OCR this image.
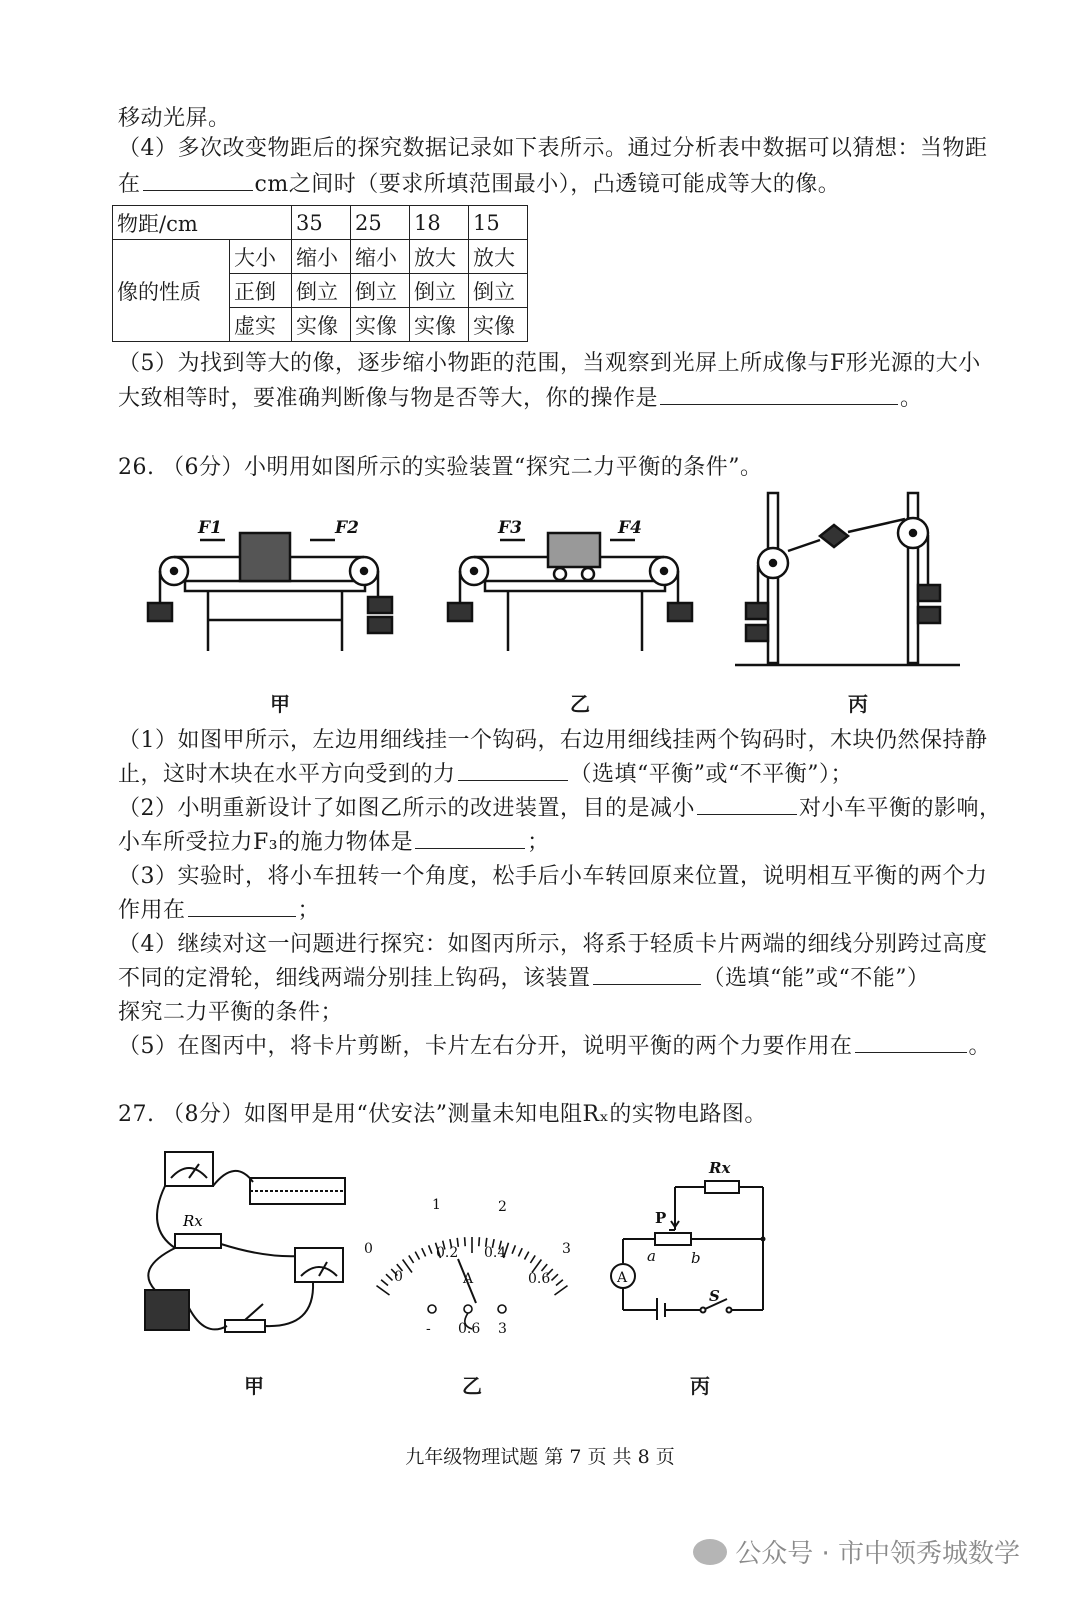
移动光屏。
（4）多次改变物距后的探究数据记录如下表所示。通过分析表中数据可以猜想：当物距
在	cm之间时（要求所填范围最小），凸透镜可能成等大的像。
物距/cm		35	25	18	15
像的性质	大小	缩小	缩小	放大	放大
	正倒	倒立	倒立	倒立	倒立
	虚实	实像	实像	实像	实像
（5）为找到等大的像，逐步缩小物距的范围，当观察到光屏上所成像与F形光源的大小
大致相等时，要准确判断像与物是否等大，你的操作是	。
26. （6分）小明用如图所示的实验装置“探究二力平衡的条件”。
F1	F2	F3	F4
甲	乙	丙
（1）如图甲所示，左边用细线挂一个钩码，右边用细线挂两个钩码时，木块仍然保持静
止，这时木块在水平方向受到的力	（选填“平衡”或“不平衡”）；
（2）小明重新设计了如图乙所示的改进装置，目的是减小	对小车平衡的影响，
小车所受拉力F₃的施力物体是	；
（3）实验时，将小车扭转一个角度，松手后小车转回原来位置，说明相互平衡的两个力
作用在	；
（4）继续对这一问题进行探究：如图丙所示，将系于轻质卡片两端的细线分别跨过高度
不同的定滑轮，细线两端分别挂上钩码，该装置	（选填“能”或“不能”）
探究二力平衡的条件；
（5）在图丙中，将卡片剪断，卡片左右分开，说明平衡的两个力要作用在	。
27. （8分）如图甲是用“伏安法”测量未知电阻Rₓ的实物电路图。
Rx
0
1	2
3
0
0.2 0.4
0.6
A
- 0.6 3
Rx
P
a b
S
A
甲	乙	丙
九年级物理试题 第 7 页 共 8 页
公众号 · 市中领秀城数学
